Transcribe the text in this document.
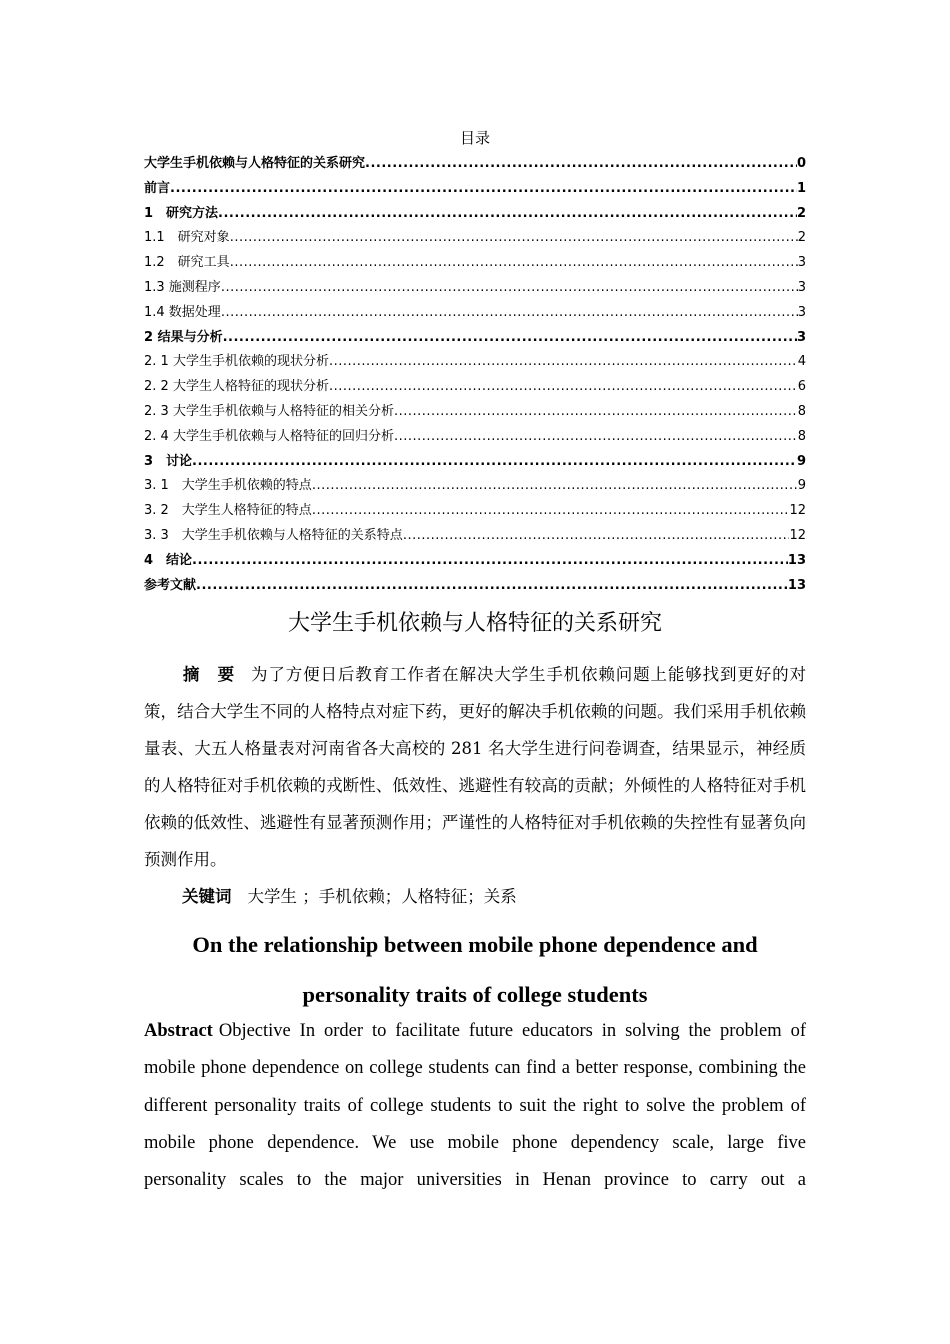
目录
大学生手机依赖与人格特征的关系研究 .....	0
前言 .....	1
1　研究方法 .....	2
1.1　研究对象 .....	2
1.2　研究工具 .....	3
1.3 施测程序 .....	3
1.4 数据处理 .....	3
2 结果与分析 .....	3
2. 1 大学生手机依赖的现状分析 .....	4
2. 2 大学生人格特征的现状分析 .....	6
2. 3 大学生手机依赖与人格特征的相关分析 .....	8
2. 4 大学生手机依赖与人格特征的回归分析 .....	8
3　讨论 .....	9
3. 1　大学生手机依赖的特点 .....	9
3. 2　大学生人格特征的特点 .....	12
3. 3　大学生手机依赖与人格特征的关系特点 .....	12
4　结论 .....	13
参考文献 .....	13
大学生手机依赖与人格特征的关系研究
摘　要 为了方便日后教育工作者在解决大学生手机依赖问题上能够找到更好的对策，结合大学生不同的人格特点对症下药，更好的解决手机依赖的问题。我们采用手机依赖量表、大五人格量表对河南省各大高校的 281 名大学生进行问卷调查，结果显示，神经质的人格特征对手机依赖的戎断性、低效性、逃避性有较高的贡献；外倾性的人格特征对手机依赖的低效性、逃避性有显著预测作用；严谨性的人格特征对手机依赖的失控性有显著负向预测作用。
关键词 大学生 ；手机依赖；人格特征；关系
On the relationship between mobile phone dependence and personality traits of college students
Abstract Objective In order to facilitate future educators in solving the problem of mobile phone dependence on college students can find a better response, combining the different personality traits of college students to suit the right to solve the problem of mobile phone dependence. We use mobile phone dependency scale, large five personality scales to the major universities in Henan province to carry out a
